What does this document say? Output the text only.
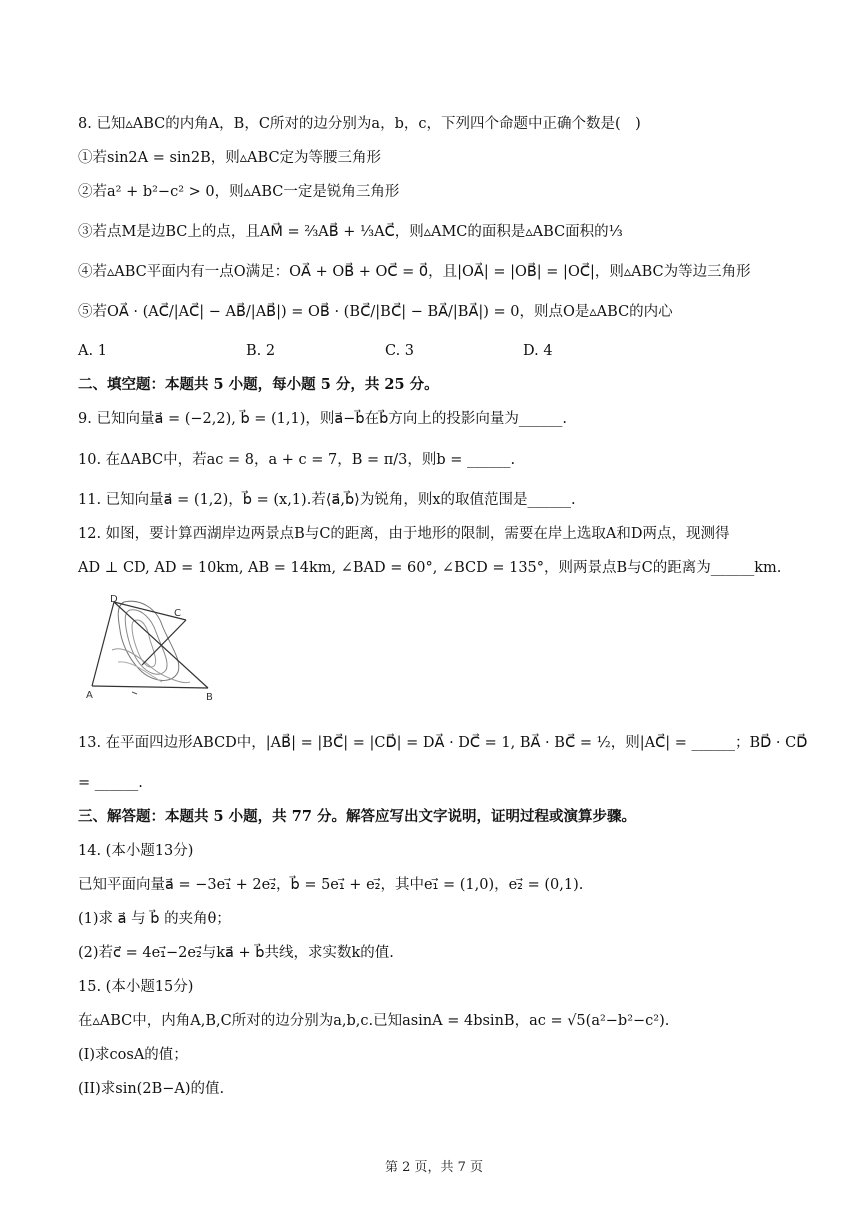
8. 已知▵ABC的内角A，B，C所对的边分别为a，b，c，下列四个命题中正确个数是(　)
①若sin2A = sin2B，则▵ABC定为等腰三角形
②若a² + b²−c² > 0，则▵ABC一定是锐角三角形
③若点M是边BC上的点，且AM⃗ = ⅔AB⃗ + ⅓AC⃗，则▵AMC的面积是▵ABC面积的⅓
④若▵ABC平面内有一点O满足：OA⃗ + OB⃗ + OC⃗ = 0⃗，且|OA⃗| = |OB⃗| = |OC⃗|，则▵ABC为等边三角形
⑤若OA⃗ · (AC⃗/|AC⃗| − AB⃗/|AB⃗|) = OB⃗ · (BC⃗/|BC⃗| − BA⃗/|BA⃗|) = 0，则点O是▵ABC的内心
A. 1	B. 2	C. 3	D. 4
二、填空题：本题共 5 小题，每小题 5 分，共 25 分。
9. 已知向量a⃗ = (−2,2), b⃗ = (1,1)，则a⃗−b⃗在b⃗方向上的投影向量为______.
10. 在ΔABC中，若ac = 8，a + c = 7，B = π/3，则b = ______.
11. 已知向量a⃗ = (1,2)，b⃗ = (x,1).若⟨a⃗,b⃗⟩为锐角，则x的取值范围是______.
12. 如图，要计算西湖岸边两景点B与C的距离，由于地形的限制，需要在岸上选取A和D两点，现测得
AD ⊥ CD, AD = 10km, AB = 14km, ∠BAD = 60°, ∠BCD = 135°，则两景点B与C的距离为______km.
D
C
A	B
13. 在平面四边形ABCD中，|AB⃗| = |BC⃗| = |CD⃗| = DA⃗ · DC⃗ = 1, BA⃗ · BC⃗ = ½，则|AC⃗| = ______；BD⃗ · CD⃗
= ______.
三、解答题：本题共 5 小题，共 77 分。解答应写出文字说明，证明过程或演算步骤。
14. (本小题13分)
已知平面向量a⃗ = −3e₁⃗ + 2e₂⃗，b⃗ = 5e₁⃗ + e₂⃗，其中e₁⃗ = (1,0)，e₂⃗ = (0,1).
(1)求 a⃗ 与 b⃗ 的夹角θ；
(2)若c⃗ = 4e₁⃗−2e₂⃗与ka⃗ + b⃗共线，求实数k的值.
15. (本小题15分)
在▵ABC中，内角A,B,C所对的边分别为a,b,c.已知asinA = 4bsinB，ac = √5(a²−b²−c²).
(I)求cosA的值；
(II)求sin(2B−A)的值.
第 2 页，共 7 页
